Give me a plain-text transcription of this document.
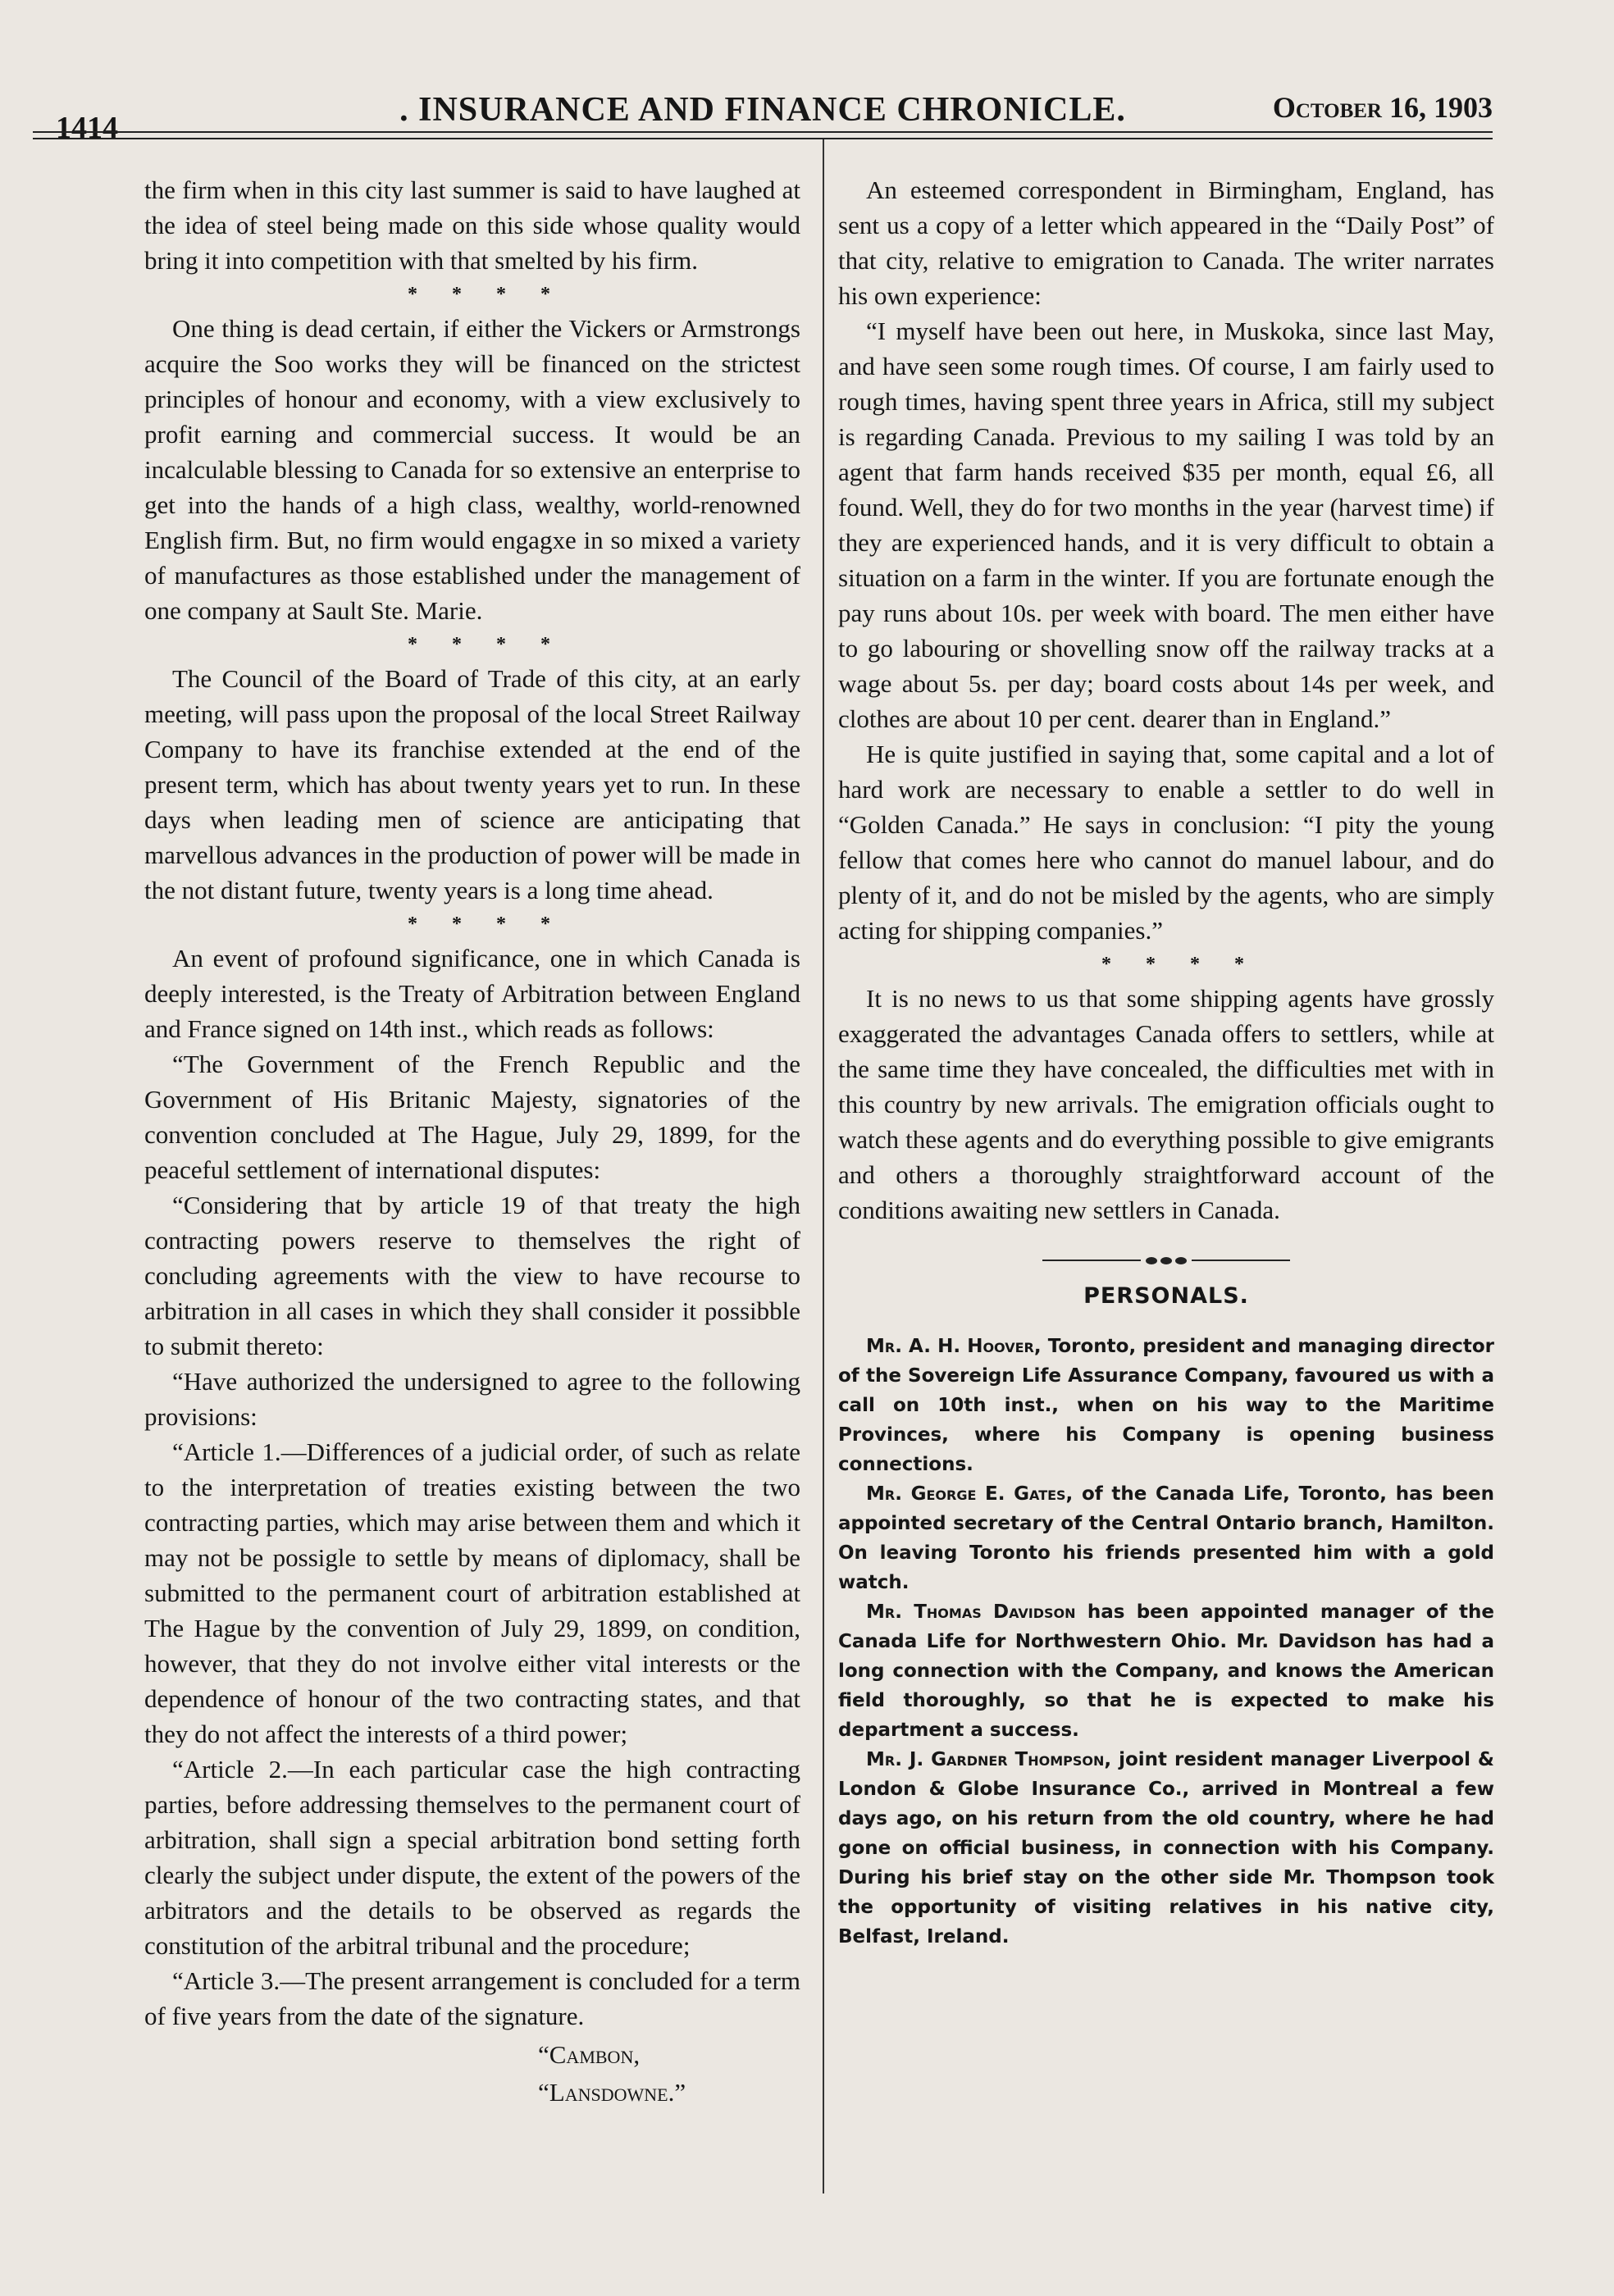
1414	. INSURANCE AND FINANCE CHRONICLE.	October 16, 1903

the firm when in this city last summer is said to have laughed at the idea of steel being made on this side whose quality would bring it into competition with that smelted by his firm.

* * * *

One thing is dead certain, if either the Vickers or Armstrongs acquire the Soo works they will be financed on the strictest principles of honour and economy, with a view exclusively to profit earning and commercial success. It would be an incalculable blessing to Canada for so extensive an enterprise to get into the hands of a high class, wealthy, world-renowned English firm. But, no firm would engagxe in so mixed a variety of manufactures as those established under the management of one company at Sault Ste. Marie.

* * * *

The Council of the Board of Trade of this city, at an early meeting, will pass upon the proposal of the local Street Railway Company to have its franchise extended at the end of the present term, which has about twenty years yet to run. In these days when leading men of science are anticipating that marvellous advances in the production of power will be made in the not distant future, twenty years is a long time ahead.

* * * *

An event of profound significance, one in which Canada is deeply interested, is the Treaty of Arbitration between England and France signed on 14th inst., which reads as follows:

“The Government of the French Republic and the Government of His Britanic Majesty, signatories of the convention concluded at The Hague, July 29, 1899, for the peaceful settlement of international disputes:

“Considering that by article 19 of that treaty the high contracting powers reserve to themselves the right of concluding agreements with the view to have recourse to arbitration in all cases in which they shall consider it possibble to submit thereto:

“Have authorized the undersigned to agree to the following provisions:

“Article 1.—Differences of a judicial order, of such as relate to the interpretation of treaties existing between the two contracting parties, which may arise between them and which it may not be possigle to settle by means of diplomacy, shall be submitted to the permanent court of arbitration established at The Hague by the convention of July 29, 1899, on condition, however, that they do not involve either vital interests or the dependence of honour of the two contracting states, and that they do not affect the interests of a third power;

“Article 2.—In each particular case the high contracting parties, before addressing themselves to the permanent court of arbitration, shall sign a special arbitration bond setting forth clearly the subject under dispute, the extent of the powers of the arbitrators and the details to be observed as regards the constitution of the arbitral tribunal and the procedure;

“Article 3.—The present arrangement is concluded for a term of five years from the date of the signature.

“Cambon,
“Lansdowne.”

An esteemed correspondent in Birmingham, England, has sent us a copy of a letter which appeared in the “Daily Post” of that city, relative to emigration to Canada. The writer narrates his own experience:

“I myself have been out here, in Muskoka, since last May, and have seen some rough times. Of course, I am fairly used to rough times, having spent three years in Africa, still my subject is regarding Canada. Previous to my sailing I was told by an agent that farm hands received $35 per month, equal £6, all found. Well, they do for two months in the year (harvest time) if they are experienced hands, and it is very difficult to obtain a situation on a farm in the winter. If you are fortunate enough the pay runs about 10s. per week with board. The men either have to go labouring or shovelling snow off the railway tracks at a wage about 5s. per day; board costs about 14s per week, and clothes are about 10 per cent. dearer than in England.”

He is quite justified in saying that, some capital and a lot of hard work are necessary to enable a settler to do well in “Golden Canada.” He says in conclusion: “I pity the young fellow that comes here who cannot do manuel labour, and do plenty of it, and do not be misled by the agents, who are simply acting for shipping companies.”

* * * *

It is no news to us that some shipping agents have grossly exaggerated the advantages Canada offers to settlers, while at the same time they have concealed, the difficulties met with in this country by new arrivals. The emigration officials ought to watch these agents and do everything possible to give emigrants and others a thoroughly straightforward account of the conditions awaiting new settlers in Canada.

PERSONALS.

Mr. A. H. Hoover, Toronto, president and managing director of the Sovereign Life Assurance Company, favoured us with a call on 10th inst., when on his way to the Maritime Provinces, where his Company is opening business connections.

Mr. George E. Gates, of the Canada Life, Toronto, has been appointed secretary of the Central Ontario branch, Hamilton. On leaving Toronto his friends presented him with a gold watch.

Mr. Thomas Davidson has been appointed manager of the Canada Life for Northwestern Ohio. Mr. Davidson has had a long connection with the Company, and knows the American field thoroughly, so that he is expected to make his department a success.

Mr. J. Gardner Thompson, joint resident manager Liverpool & London & Globe Insurance Co., arrived in Montreal a few days ago, on his return from the old country, where he had gone on official business, in connection with his Company. During his brief stay on the other side Mr. Thompson took the opportunity of visiting relatives in his native city, Belfast, Ireland.
